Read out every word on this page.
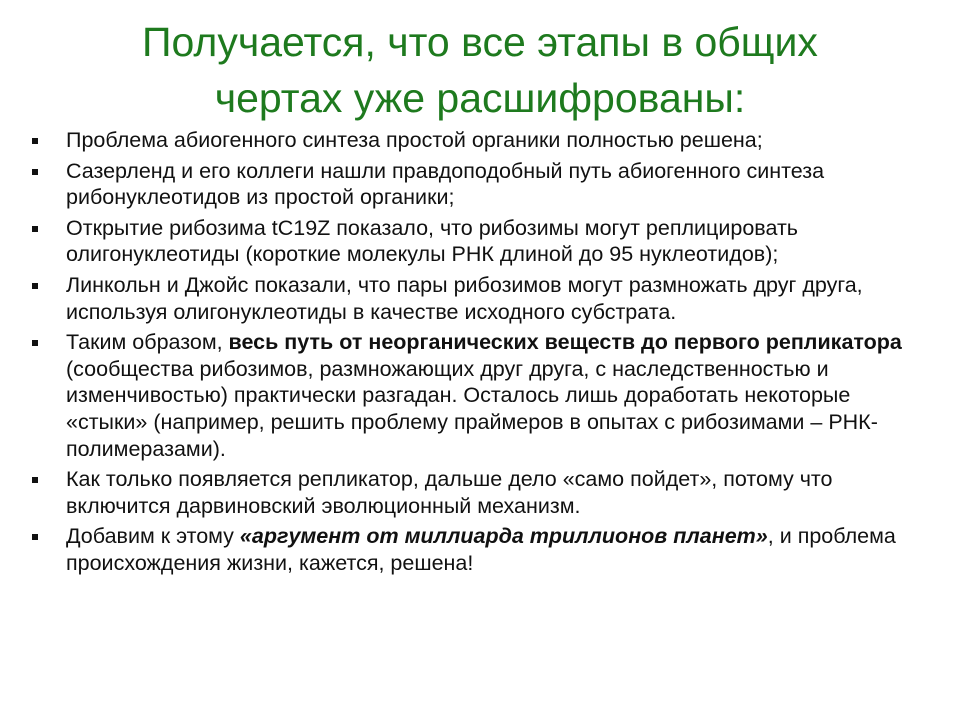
Получается, что все этапы в общих
чертах уже расшифрованы:
Проблема абиогенного синтеза простой органики полностью решена;
Сазерленд и его коллеги нашли правдоподобный путь абиогенного синтеза рибонуклеотидов из простой органики;
Открытие рибозима tC19Z показало, что рибозимы могут реплицировать олигонуклеотиды (короткие молекулы РНК длиной до 95 нуклеотидов);
Линкольн и Джойс показали, что пары рибозимов могут размножать друг друга, используя олигонуклеотиды в качестве исходного субстрата.
Таким образом, весь путь от неорганических веществ до первого репликатора (сообщества рибозимов, размножающих друг друга, с наследственностью и изменчивостью) практически разгадан. Осталось лишь доработать некоторые «стыки» (например, решить проблему праймеров в опытах с рибозимами – РНК-полимеразами).
Как только появляется репликатор, дальше дело «само пойдет», потому что включится дарвиновский эволюционный механизм.
Добавим к этому «аргумент от миллиарда триллионов планет», и проблема происхождения жизни, кажется, решена!
